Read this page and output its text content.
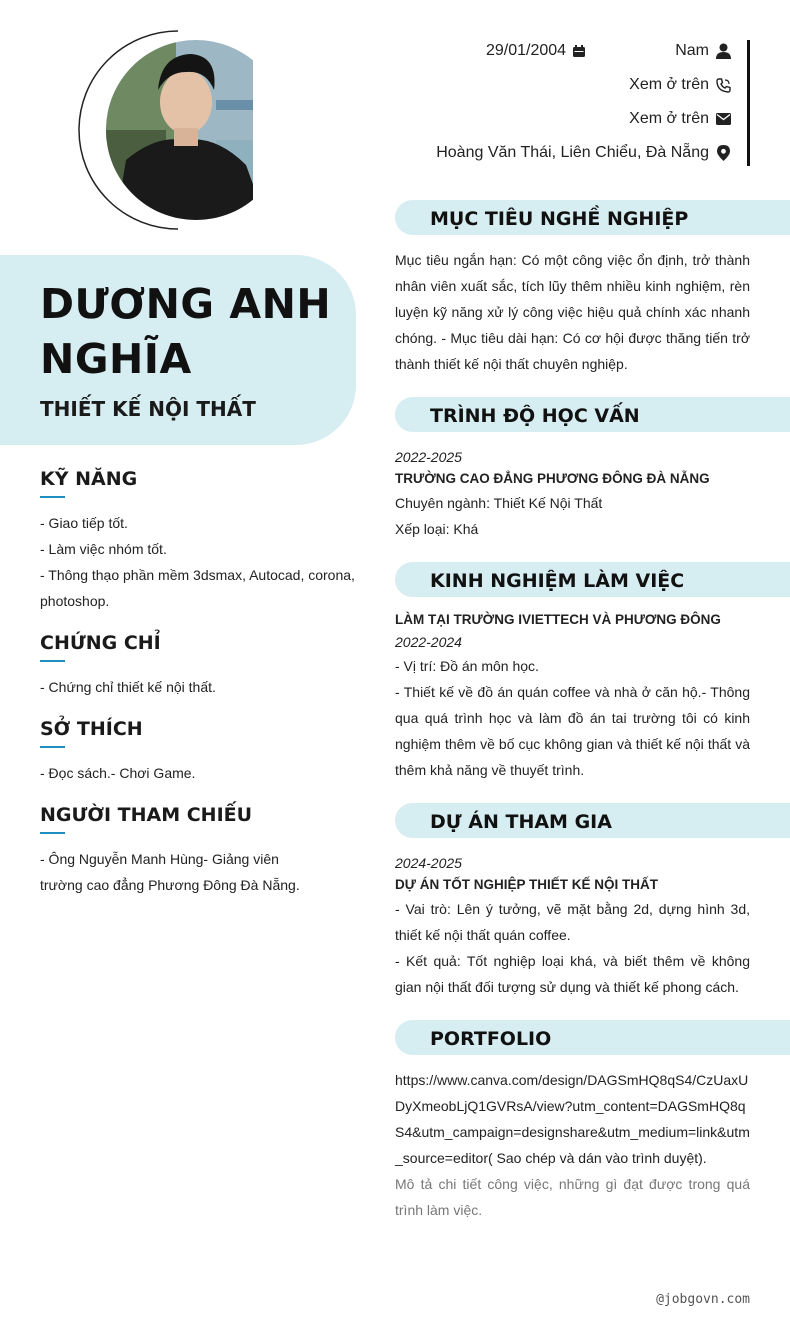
29/01/2004	Nam
Xem ở trên
Xem ở trên
Hoàng Văn Thái, Liên Chiểu, Đà Nẵng
DƯƠNG ANH NGHĨA
THIẾT KẾ NỘI THẤT
KỸ NĂNG

- Giao tiếp tốt.

- Làm việc nhóm tốt.

- Thông thạo phần mềm 3dsmax, Autocad, corona, photoshop.

CHỨNG CHỈ

- Chứng chỉ thiết kế nội thất.

SỞ THÍCH

- Đọc sách.- Chơi Game.

NGƯỜI THAM CHIẾU

- Ông Nguyễn Manh Hùng- Giảng viên trường cao đẳng Phương Đông Đà Nẵng.

MỤC TIÊU NGHỀ NGHIỆP

Mục tiêu ngắn hạn: Có một công việc ổn định, trở thành nhân viên xuất sắc, tích lũy thêm nhiều kinh nghiệm, rèn luyện kỹ năng xử lý công việc hiệu quả chính xác nhanh chóng. - Mục tiêu dài hạn: Có cơ hội được thăng tiến trở thành thiết kế nội thất chuyên nghiệp.

TRÌNH ĐỘ HỌC VẤN

2022-2025

TRƯỜNG CAO ĐẲNG PHƯƠNG ĐÔNG ĐÀ NẴNG

Chuyên ngành: Thiết Kế Nội Thất

Xếp loại: Khá

KINH NGHIỆM LÀM VIỆC

LÀM TẠI TRƯỜNG IVIETTECH VÀ PHƯƠNG ĐÔNG

2022-2024

- Vị trí: Đồ án môn học.

- Thiết kế về đồ án quán coffee và nhà ở căn hộ.- Thông qua quá trình học và làm đồ án tai trường tôi có kinh nghiệm thêm về bố cục không gian và thiết kế nội thất và thêm khả năng về thuyết trình.

DỰ ÁN THAM GIA

2024-2025

DỰ ÁN TỐT NGHIỆP THIẾT KẾ NỘI THẤT

- Vai trò: Lên ý tưởng, vẽ mặt bằng 2d, dựng hình 3d, thiết kế nội thất quán coffee.

- Kết quả: Tốt nghiệp loại khá, và biết thêm về không gian nội thất đối tượng sử dụng và thiết kế phong cách.

PORTFOLIO

https://www.canva.com/design/DAGSmHQ8qS4/CzUaxUDyXmeobLjQ1GVRsA/view?utm_content=DAGSmHQ8qS4&utm_campaign=designshare&utm_medium=link&utm_source=editor( Sao chép và dán vào trình duyệt).

Mô tả chi tiết công việc, những gì đạt được trong quá trình làm việc.

@jobgovn.com
